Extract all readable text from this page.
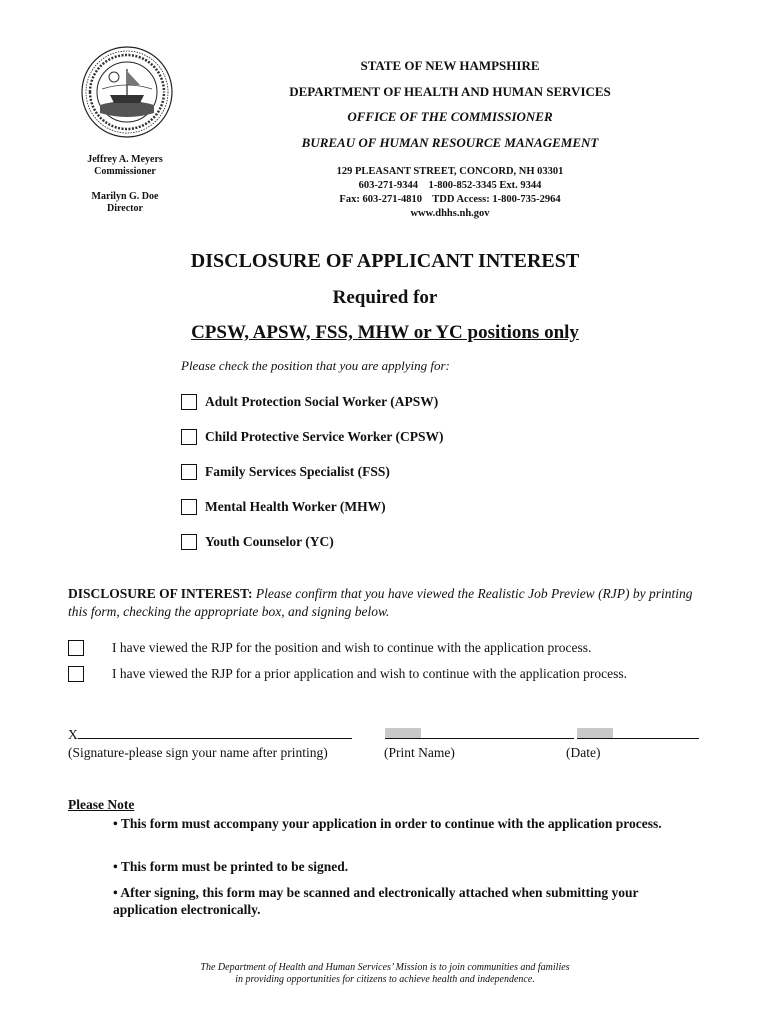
Jeffrey A. Meyers
Commissioner
Marilyn G. Doe
Director
STATE OF NEW HAMPSHIRE
DEPARTMENT OF HEALTH AND HUMAN SERVICES
OFFICE OF THE COMMISSIONER
BUREAU OF HUMAN RESOURCE MANAGEMENT
129 PLEASANT STREET, CONCORD, NH 03301
603-271-9344    1-800-852-3345 Ext. 9344
Fax: 603-271-4810    TDD Access: 1-800-735-2964
www.dhhs.nh.gov
DISCLOSURE OF APPLICANT INTEREST
Required for
CPSW, APSW, FSS, MHW or YC positions only
Please check the position that you are applying for:
Adult Protection Social Worker (APSW)
Child Protective Service Worker (CPSW)
Family Services Specialist (FSS)
Mental Health Worker (MHW)
Youth Counselor (YC)
DISCLOSURE OF INTEREST: Please confirm that you have viewed the Realistic Job Preview (RJP) by printing this form, checking the appropriate box, and signing below.
I have viewed the RJP for the position and wish to continue with the application process.
I have viewed the RJP for a prior application and wish to continue with the application process.
X
(Signature-please sign your name after printing)	(Print Name)	(Date)
Please Note
• This form must accompany your application in order to continue with the application process.
• This form must be printed to be signed.
• After signing, this form may be scanned and electronically attached when submitting your application electronically.
The Department of Health and Human Services’ Mission is to join communities and families
in providing opportunities for citizens to achieve health and independence.
